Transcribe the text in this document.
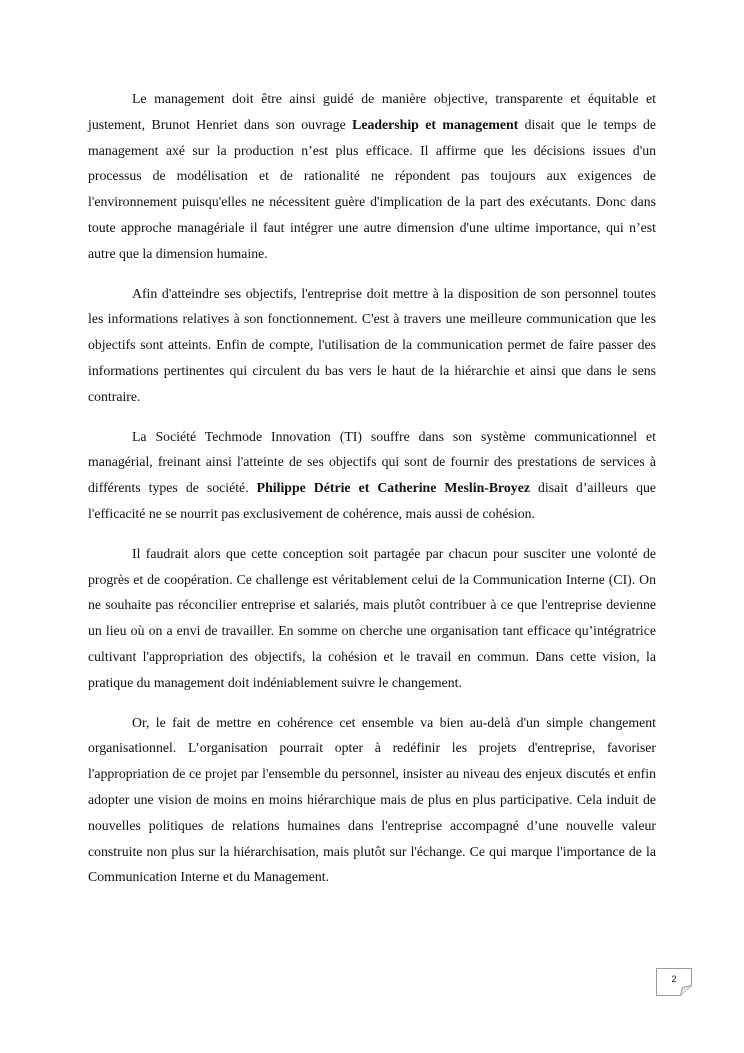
Le management doit être ainsi guidé de manière objective, transparente et équitable et justement, Brunot Henriet dans son ouvrage Leadership et management disait que le temps de management axé sur la production n’est plus efficace. Il affirme que les décisions issues d'un processus de modélisation et de rationalité ne répondent pas toujours aux exigences de l'environnement puisqu'elles ne nécessitent guère d'implication de la part des exécutants. Donc dans toute approche managériale il faut intégrer une autre dimension d'une ultime importance, qui n’est autre que la dimension humaine.

Afin d'atteindre ses objectifs, l'entreprise doit mettre à la disposition de son personnel toutes les informations relatives à son fonctionnement. C'est à travers une meilleure communication que les objectifs sont atteints. Enfin de compte, l'utilisation de la communication permet de faire passer des informations pertinentes qui circulent du bas vers le haut de la hiérarchie et ainsi que dans le sens contraire.

La Société Techmode Innovation (TI) souffre dans son système communicationnel et managérial, freinant ainsi l'atteinte de ses objectifs qui sont de fournir des prestations de services à différents types de société. Philippe Détrie et Catherine Meslin-Broyez disait d’ailleurs que l'efficacité ne se nourrit pas exclusivement de cohérence, mais aussi de cohésion.

Il faudrait alors que cette conception soit partagée par chacun pour susciter une volonté de progrès et de coopération. Ce challenge est véritablement celui de la Communication Interne (CI). On ne souhaite pas réconcilier entreprise et salariés, mais plutôt contribuer à ce que l'entreprise devienne un lieu où on a envi de travailler. En somme on cherche une organisation tant efficace qu’intégratrice cultivant l'appropriation des objectifs, la cohésion et le travail en commun. Dans cette vision, la pratique du management doit indéniablement suivre le changement.

Or, le fait de mettre en cohérence cet ensemble va bien au-delà d'un simple changement organisationnel. L’organisation pourrait opter à redéfinir les projets d'entreprise, favoriser l'appropriation de ce projet par l'ensemble du personnel, insister au niveau des enjeux discutés et enfin adopter une vision de moins en moins hiérarchique mais de plus en plus participative. Cela induit de nouvelles politiques de relations humaines dans l'entreprise accompagné d’une nouvelle valeur construite non plus sur la hiérarchisation, mais plutôt sur l'échange. Ce qui marque l'importance de la Communication Interne et du Management.

2
